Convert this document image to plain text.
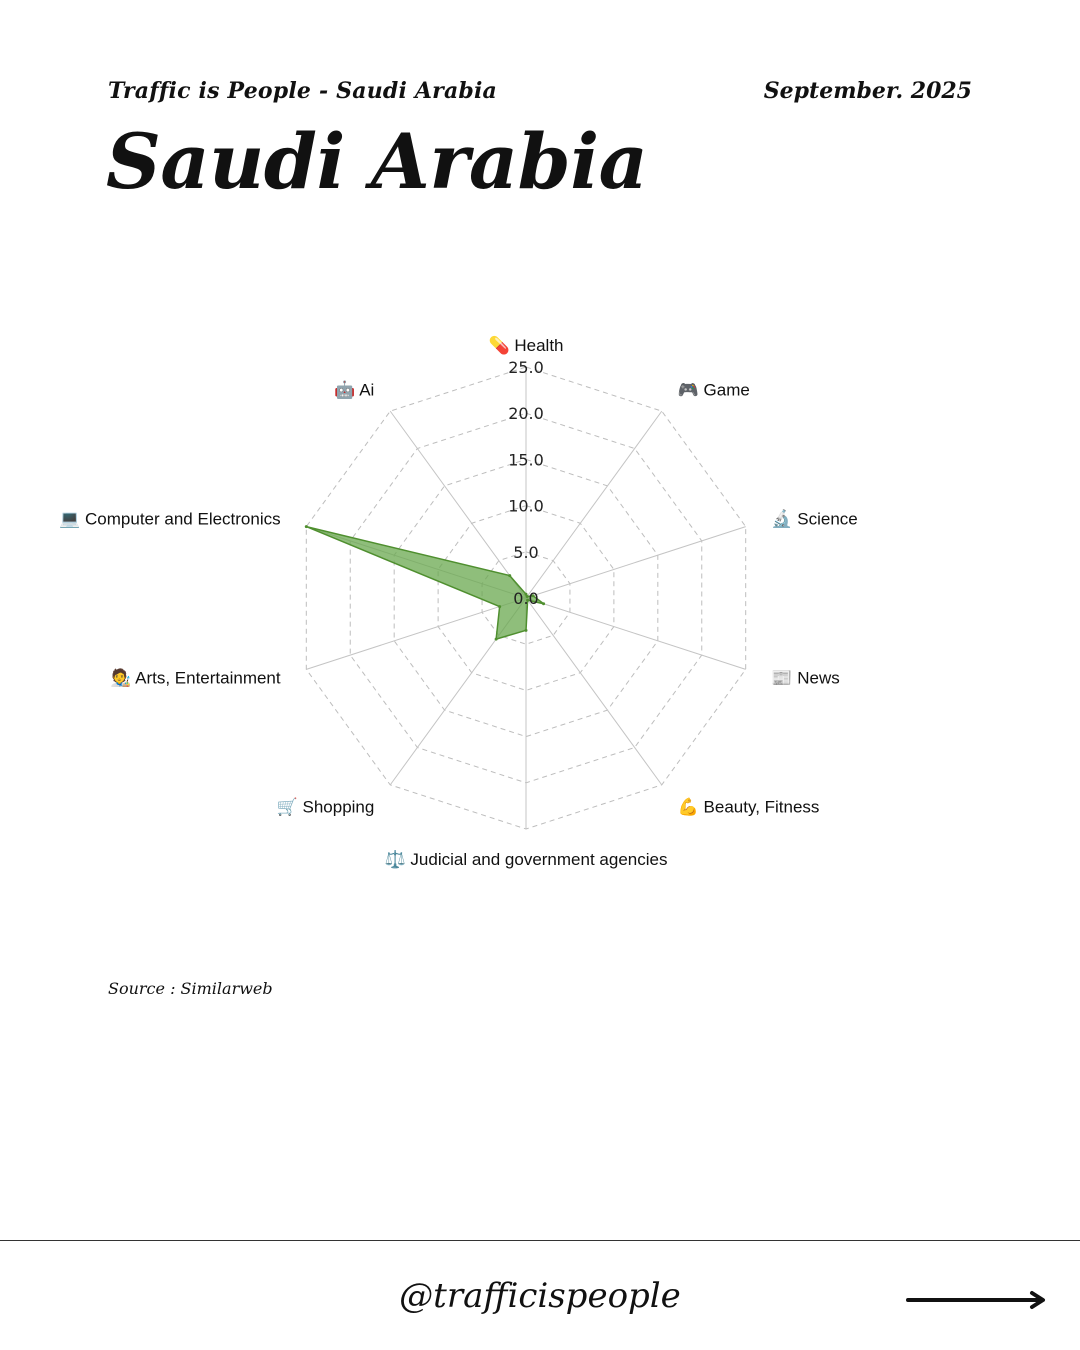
Traffic is People - Saudi Arabia	September. 2025
Saudi Arabia
0.0
5.0
10.0
15.0
20.0
25.0
💊 Health
🎮 Game
🔬 Science
📰 News
💪 Beauty, Fitness
⚖️ Judicial and government agencies
🛒 Shopping
🧑‍🎨 Arts, Entertainment
💻 Computer and Electronics
🤖 Ai
Source : Similarweb
@trafficispeople
